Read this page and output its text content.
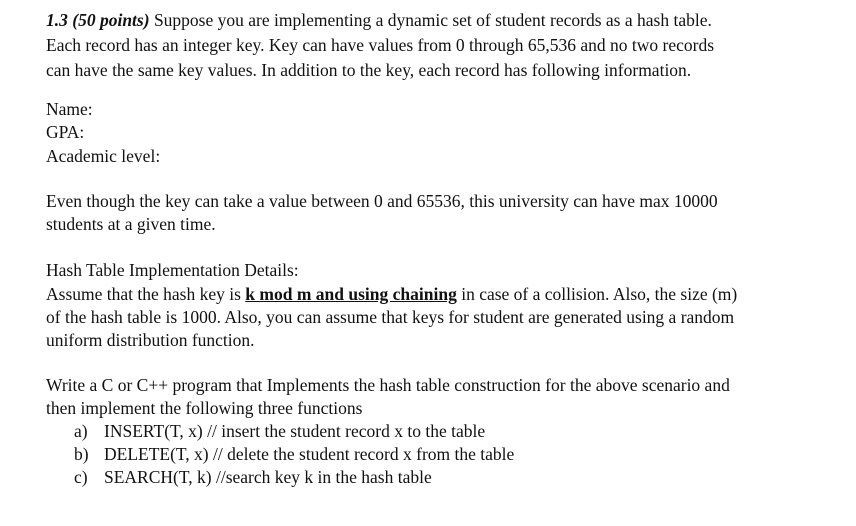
1.3 (50 points) Suppose you are implementing a dynamic set of student records as a hash table.
Each record has an integer key. Key can have values from 0 through 65,536 and no two records
can have the same key values. In addition to the key, each record has following information.
Name:
GPA:
Academic level:
Even though the key can take a value between 0 and 65536, this university can have max 10000
students at a given time.
Hash Table Implementation Details:
Assume that the hash key is k mod m and using chaining in case of a collision. Also, the size (m)
of the hash table is 1000. Also, you can assume that keys for student are generated using a random
uniform distribution function.
Write a C or C++ program that Implements the hash table construction for the above scenario and
then implement the following three functions
a) INSERT(T, x) // insert the student record x to the table
b) DELETE(T, x) // delete the student record x from the table
c) SEARCH(T, k) //search key k in the hash table
